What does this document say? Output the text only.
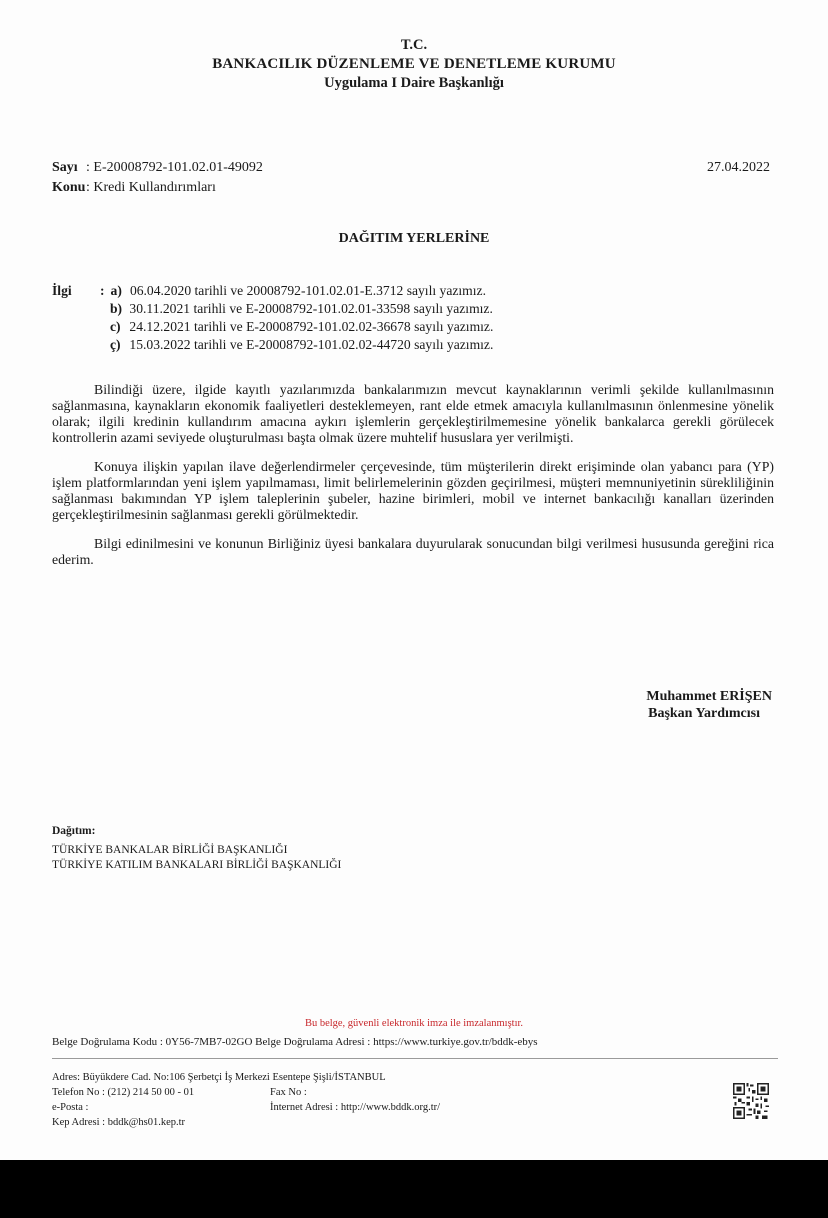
T.C.
BANKACILIK DÜZENLEME VE DENETLEME KURUMU
Uygulama I Daire Başkanlığı
Sayı : E-20008792-101.02.01-49092
Konu : Kredi Kullandırımları
27.04.2022
DAĞITIM YERLERİNE
İlgi : a) 06.04.2020 tarihli ve 20008792-101.02.01-E.3712 sayılı yazımız.
b) 30.11.2021 tarihli ve E-20008792-101.02.01-33598 sayılı yazımız.
c) 24.12.2021 tarihli ve E-20008792-101.02.02-36678 sayılı yazımız.
ç) 15.03.2022 tarihli ve E-20008792-101.02.02-44720 sayılı yazımız.

Bilindiği üzere, ilgide kayıtlı yazılarımızda bankalarımızın mevcut kaynaklarının verimli şekilde kullanılmasının sağlanmasına, kaynakların ekonomik faaliyetleri desteklemeyen, rant elde etmek amacıyla kullanılmasının önlenmesine yönelik olarak; ilgili kredinin kullandırım amacına aykırı işlemlerin gerçekleştirilmemesine yönelik bankalarca gerekli görülecek kontrollerin azami seviyede oluşturulması başta olmak üzere muhtelif hususlara yer verilmişti.

Konuya ilişkin yapılan ilave değerlendirmeler çerçevesinde, tüm müşterilerin direkt erişiminde olan yabancı para (YP) işlem platformlarından yeni işlem yapılmaması, limit belirlemelerinin gözden geçirilmesi, müşteri memnuniyetinin sürekliliğinin sağlanması bakımından YP işlem taleplerinin şubeler, hazine birimleri, mobil ve internet bankacılığı kanalları üzerinden gerçekleştirilmesinin sağlanması gerekli görülmektedir.

Bilgi edinilmesini ve konunun Birliğiniz üyesi bankalara duyurularak sonucundan bilgi verilmesi hususunda gereğini rica ederim.

Muhammet ERİŞEN
Başkan Yardımcısı
Dağıtım:
TÜRKİYE BANKALAR BİRLİĞİ BAŞKANLIĞI
TÜRKİYE KATILIM BANKALARI BİRLİĞİ BAŞKANLIĞI
Bu belge, güvenli elektronik imza ile imzalanmıştır.
Belge Doğrulama Kodu : 0Y56-7MB7-02GO Belge Doğrulama Adresi : https://www.turkiye.gov.tr/bddk-ebys
Adres: Büyükdere Cad. No:106 Şerbetçi İş Merkezi Esentepe Şişli/İSTANBUL
Telefon No : (212) 214 50 00 - 01	Fax No :
e-Posta :	İnternet Adresi : http://www.bddk.org.tr/
Kep Adresi : bddk@hs01.kep.tr
